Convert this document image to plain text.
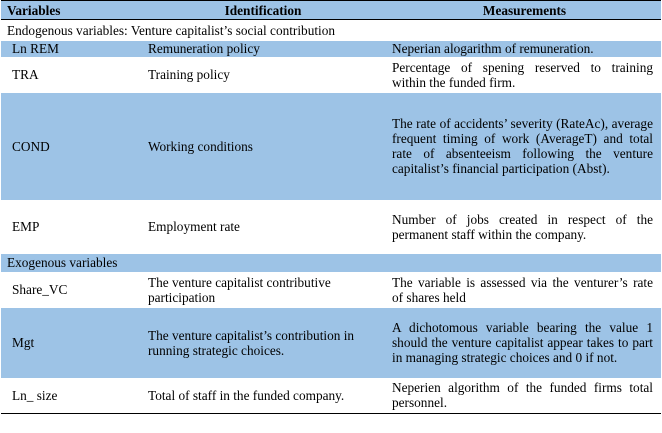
Variables	Identification	Measurements
Endogenous variables: Venture capitalist’s social contribution		
Ln REM	Remuneration policy	Neperian alogarithm of remuneration.
TRA	Training policy	Percentage of spening reserved to training within the funded firm.
COND	Working conditions	The rate of accidents’ severity (RateAc), average frequent timing of work (AverageT) and total rate of absenteeism following the venture capitalist’s financial participation (Abst).
EMP	Employment rate	Number of jobs created in respect of the permanent staff within the company.
Exogenous variables		
Share_VC	The venture capitalist contributive participation	The variable is assessed via the venturer’s rate of shares held
Mgt	The venture capitalist’s contribution in running strategic choices.	A dichotomous variable bearing the value 1 should the venture capitalist appear takes to part in managing strategic choices and 0 if not.
Ln_ size	Total of staff in the funded company.	Neperien algorithm of the funded firms total personnel.
